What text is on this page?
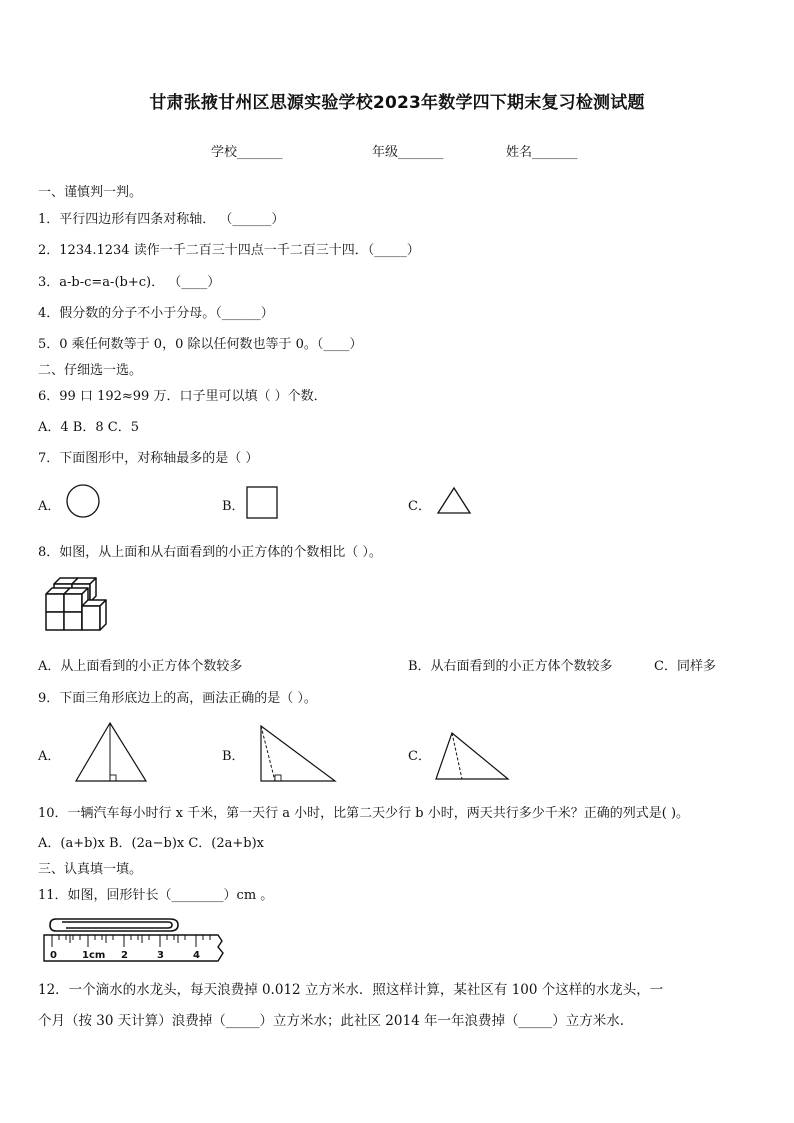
甘肃张掖甘州区思源实验学校2023年数学四下期末复习检测试题
学校_______	年级_______	姓名_______
一、谨慎判一判。
1．平行四边形有四条对称轴． （______）
2．1234.1234 读作一千二百三十四点一千二百三十四．（_____）
3．a-b-c=a-(b+c)． （____）
4．假分数的分子不小于分母。（______）
5．0 乘任何数等于 0，0 除以任何数也等于 0。（____）
二、仔细选一选。
6．99 口 192≈99 万．口子里可以填（ ）个数．
A．4 B．8 C．5
7．下面图形中，对称轴最多的是（ ）
A．	B．	C．
8．如图，从上面和从右面看到的小正方体的个数相比（ ）。
A．从上面看到的小正方体个数较多	B．从右面看到的小正方体个数较多	C．同样多
9．下面三角形底边上的高，画法正确的是（ ）。
A．	B．	C．
10．一辆汽车每小时行 x 千米，第一天行 a 小时，比第二天少行 b 小时，两天共行多少千米？正确的列式是( )。
A．(a+b)x B．(2a−b)x C．(2a+b)x
三、认真填一填。
11．如图，回形针长（________）cm 。
0	1cm 2	3	4
12．一个滴水的水龙头，每天浪费掉 0.012 立方米水．照这样计算，某社区有 100 个这样的水龙头，一
个月（按 30 天计算）浪费掉（_____）立方米水；此社区 2014 年一年浪费掉（_____）立方米水.
